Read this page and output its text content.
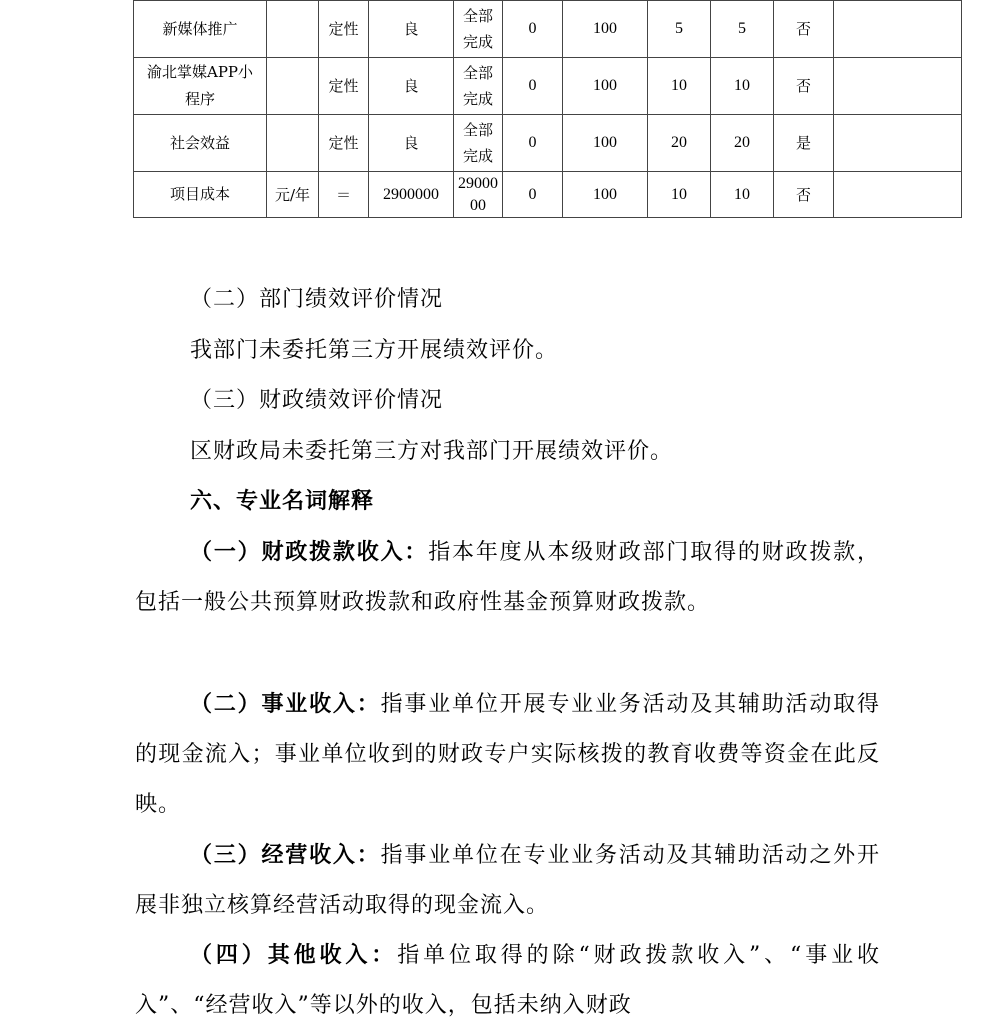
新媒体推广		定性	良	全部完成	0	100	5	5	否	
渝北掌媒APP小程序		定性	良	全部完成	0	100	10	10	否	
社会效益		定性	良	全部完成	0	100	20	20	是	
项目成本	元/年	＝	2900000	2900000	0	100	10	10	否	
（二）部门绩效评价情况
我部门未委托第三方开展绩效评价。
（三）财政绩效评价情况
区财政局未委托第三方对我部门开展绩效评价。
六、专业名词解释
（一）财政拨款收入：指本年度从本级财政部门取得的财政拨款，包括一般公共预算财政拨款和政府性基金预算财政拨款。
（二）事业收入：指事业单位开展专业业务活动及其辅助活动取得的现金流入；事业单位收到的财政专户实际核拨的教育收费等资金在此反映。
（三）经营收入：指事业单位在专业业务活动及其辅助活动之外开展非独立核算经营活动取得的现金流入。
（四）其他收入：指单位取得的除“财政拨款收入”、“事业收入”、“经营收入”等以外的收入，包括未纳入财政
